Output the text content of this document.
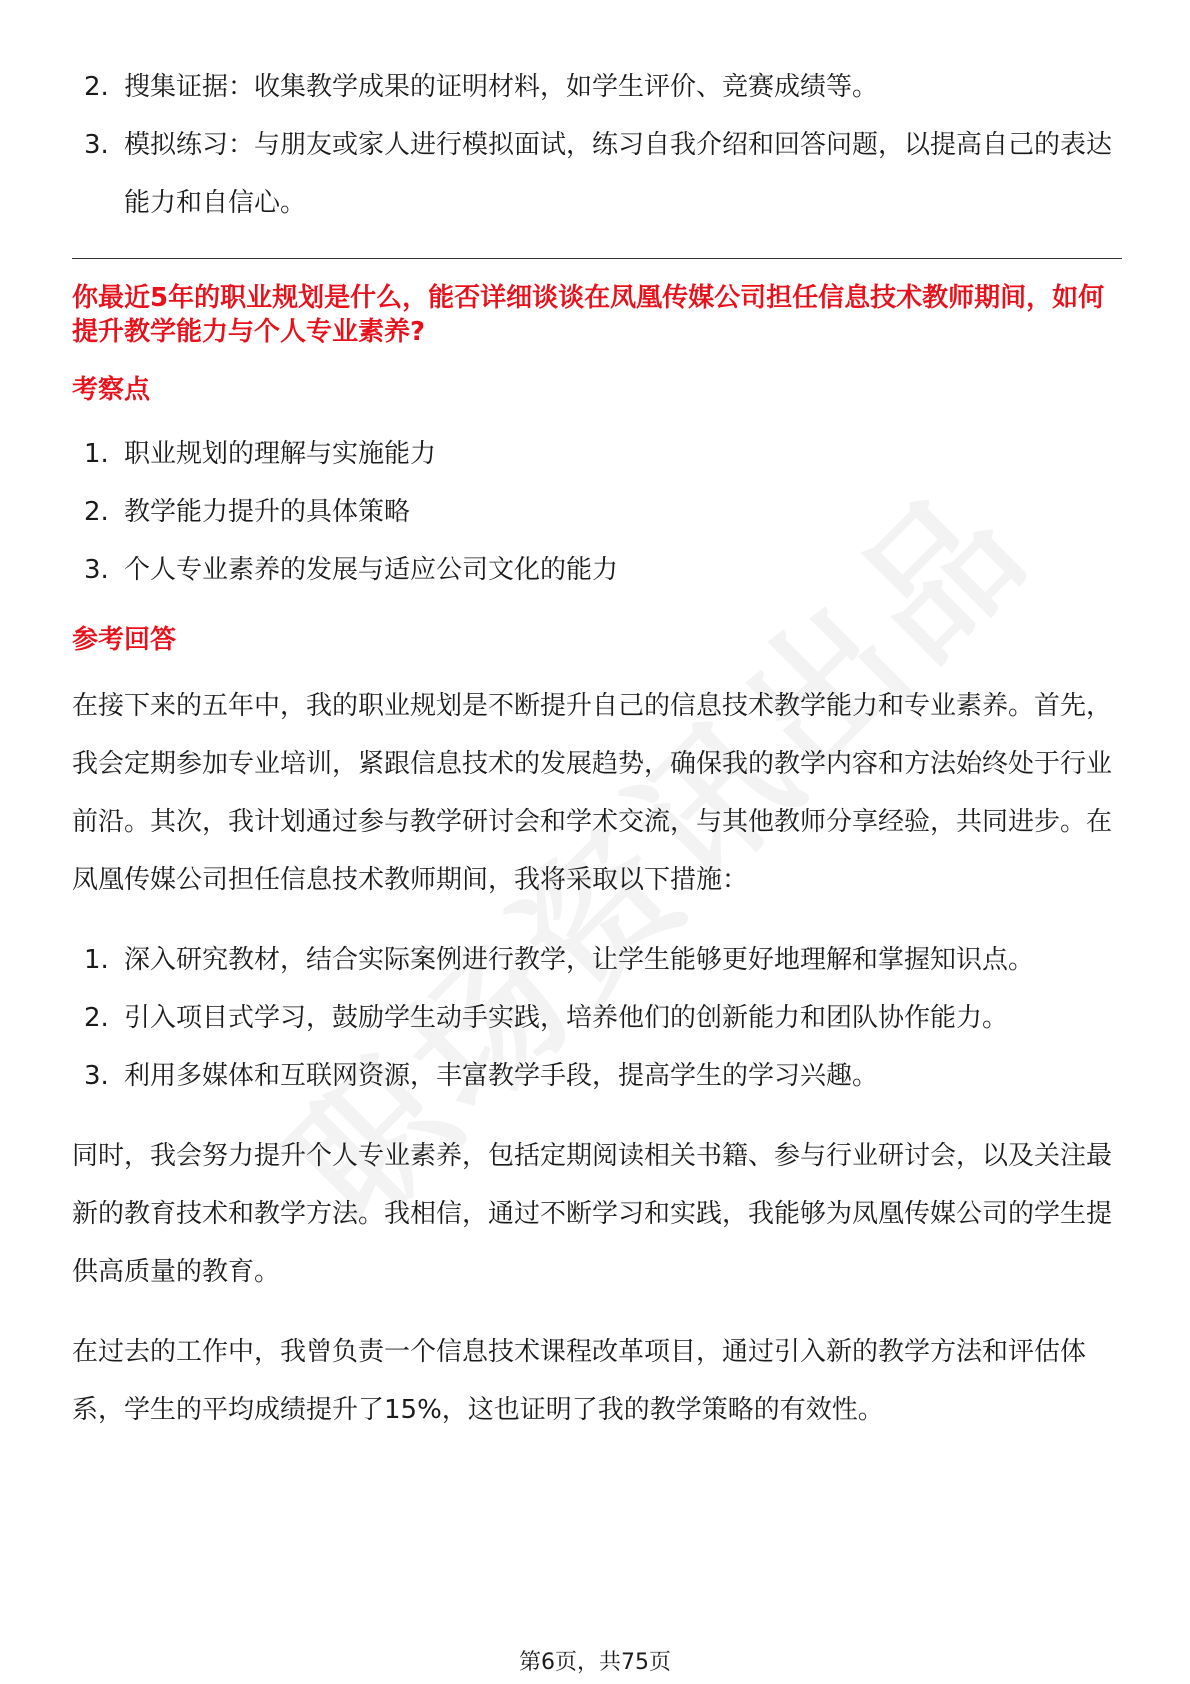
2. 搜集证据：收集教学成果的证明材料，如学生评价、竞赛成绩等。
3. 模拟练习：与朋友或家人进行模拟面试，练习自我介绍和回答问题，以提高自己的表达能力和自信心。

你最近5年的职业规划是什么，能否详细谈谈在凤凰传媒公司担任信息技术教师期间，如何提升教学能力与个人专业素养?

考察点

1. 职业规划的理解与实施能力
2. 教学能力提升的具体策略
3. 个人专业素养的发展与适应公司文化的能力

参考回答

在接下来的五年中，我的职业规划是不断提升自己的信息技术教学能力和专业素养。首先，我会定期参加专业培训，紧跟信息技术的发展趋势，确保我的教学内容和方法始终处于行业前沿。其次，我计划通过参与教学研讨会和学术交流，与其他教师分享经验，共同进步。在凤凰传媒公司担任信息技术教师期间，我将采取以下措施：

1. 深入研究教材，结合实际案例进行教学，让学生能够更好地理解和掌握知识点。
2. 引入项目式学习，鼓励学生动手实践，培养他们的创新能力和团队协作能力。
3. 利用多媒体和互联网资源，丰富教学手段，提高学生的学习兴趣。

同时，我会努力提升个人专业素养，包括定期阅读相关书籍、参与行业研讨会，以及关注最新的教育技术和教学方法。我相信，通过不断学习和实践，我能够为凤凰传媒公司的学生提供高质量的教育。

在过去的工作中，我曾负责一个信息技术课程改革项目，通过引入新的教学方法和评估体系，学生的平均成绩提升了15%，这也证明了我的教学策略的有效性。

第6页，共75页
